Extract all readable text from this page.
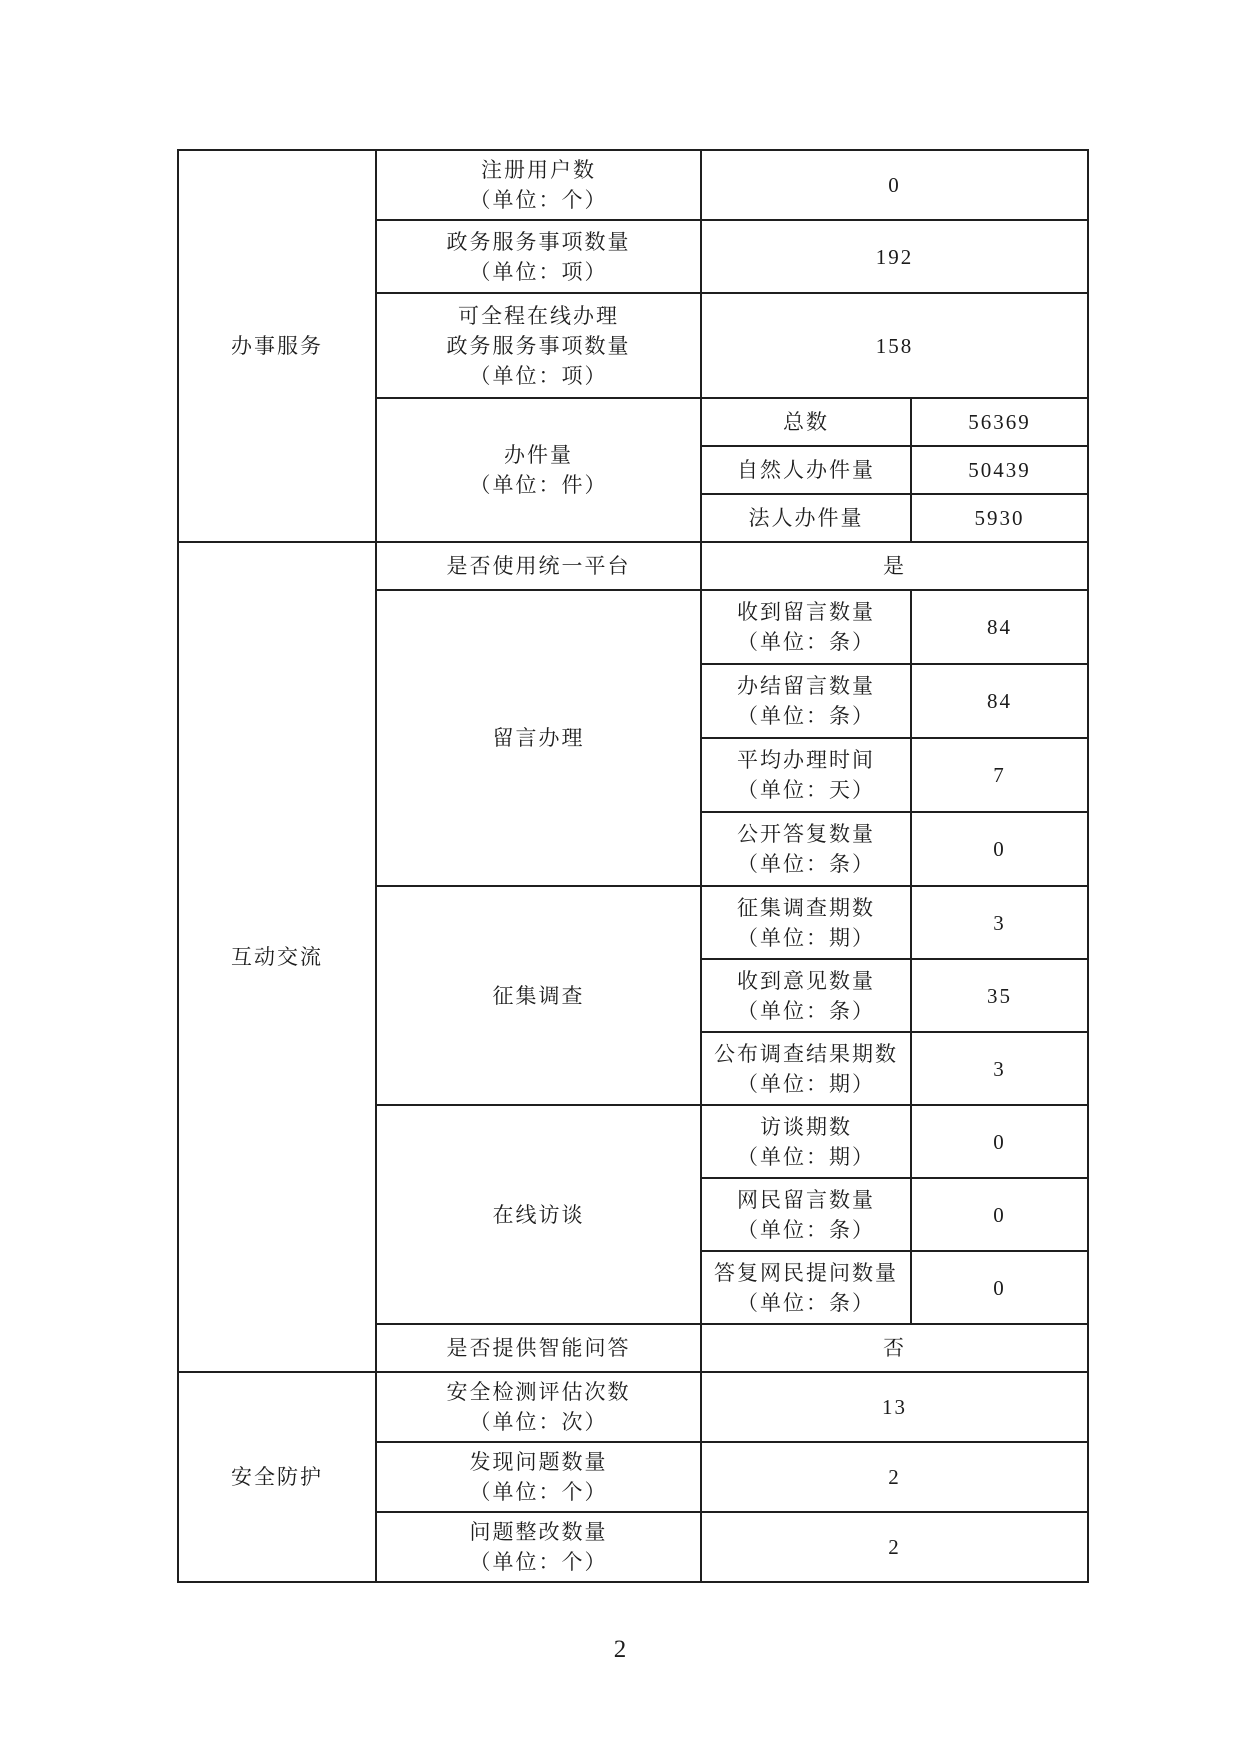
办事服务	注册用户数
（单位：个）	0	

	政务服务事项数量
（单位：项）	192	

	可全程在线办理
政务服务事项数量
（单位：项）	158	

	办件量
（单位：件）	总数	56369
		自然人办件量	50439
		法人办件量	5930
互动交流	是否使用统一平台	是	
	留言办理	收到留言数量
（单位：条）	84

		办结留言数量
（单位：条）	84

		平均办理时间
（单位：天）	7

		公开答复数量
（单位：条）	0
	征集调查	征集调查期数
（单位：期）	3

		收到意见数量
（单位：条）	35

		公布调查结果期数
（单位：期）	3
	在线访谈	访谈期数
（单位：期）	0

		网民留言数量
（单位：条）	0

		答复网民提问数量
（单位：条）	0
	是否提供智能问答	否	
安全防护	安全检测评估次数
（单位：次）	13	

	发现问题数量
（单位：个）	2	

	问题整改数量
（单位：个）	2	
2
